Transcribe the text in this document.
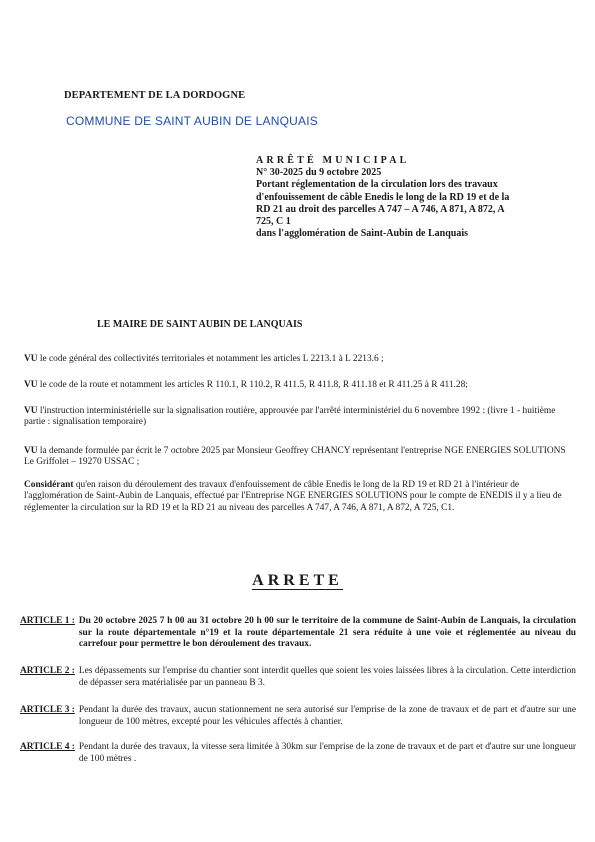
DEPARTEMENT DE LA DORDOGNE
COMMUNE DE SAINT AUBIN DE LANQUAIS
ARRÊTÉ MUNICIPAL
N° 30-2025 du 9 octobre 2025
Portant réglementation de la circulation lors des travaux
d'enfouissement de câble Enedis le long de la RD 19 et de la
RD 21 au droit des parcelles A 747 – A 746, A 871, A 872, A
725, C 1
dans l'agglomération de Saint-Aubin de Lanquais
LE MAIRE DE SAINT AUBIN DE LANQUAIS
VU le code général des collectivités territoriales et notamment les articles L 2213.1 à L 2213.6 ;
VU le code de la route et notamment les articles R 110.1, R 110.2, R 411.5, R 411.8, R 411.18 et R 411.25 à R 411.28;
VU l'instruction interministérielle sur la signalisation routière, approuvée par l'arrêté interministériel du 6 novembre 1992 : (livre 1 - huitième partie : signalisation temporaire)
VU la demande formulée par écrit le 7 octobre 2025 par Monsieur Geoffrey CHANCY représentant l'entreprise NGE ENERGIES SOLUTIONS Le Griffolet – 19270 USSAC ;
Considérant qu'en raison du déroulement des travaux d'enfouissement de câble Enedis le long de la RD 19 et RD 21 à l'intérieur de l'agglomération de Saint-Aubin de Lanquais, effectué par l'Entreprise NGE ENERGIES SOLUTIONS pour le compte de ENEDIS il y a lieu de réglementer la circulation sur la RD 19 et la RD 21 au niveau des parcelles A 747, A 746, A 871, A 872, A 725, C1.
ARRETE
ARTICLE 1 : Du 20 octobre 2025 7 h 00 au 31 octobre 20 h 00 sur le territoire de la commune de Saint-Aubin de Lanquais, la circulation sur la route départementale n°19 et la route départementale 21 sera réduite à une voie et réglementée au niveau du carrefour pour permettre le bon déroulement des travaux.
ARTICLE 2 : Les dépassements sur l'emprise du chantier sont interdit quelles que soient les voies laissées libres à la circulation. Cette interdiction de dépasser sera matérialisée par un panneau B 3.
ARTICLE 3 : Pendant la durée des travaux, aucun stationnement ne sera autorisé sur l'emprise de la zone de travaux et de part et d'autre sur une longueur de 100 mètres, excepté pour les véhicules affectés à chantier.
ARTICLE 4 : Pendant la durée des travaux, la vitesse sera limitée à 30km sur l'emprise de la zone de travaux et de part et d'autre sur une longueur de 100 mètres .
